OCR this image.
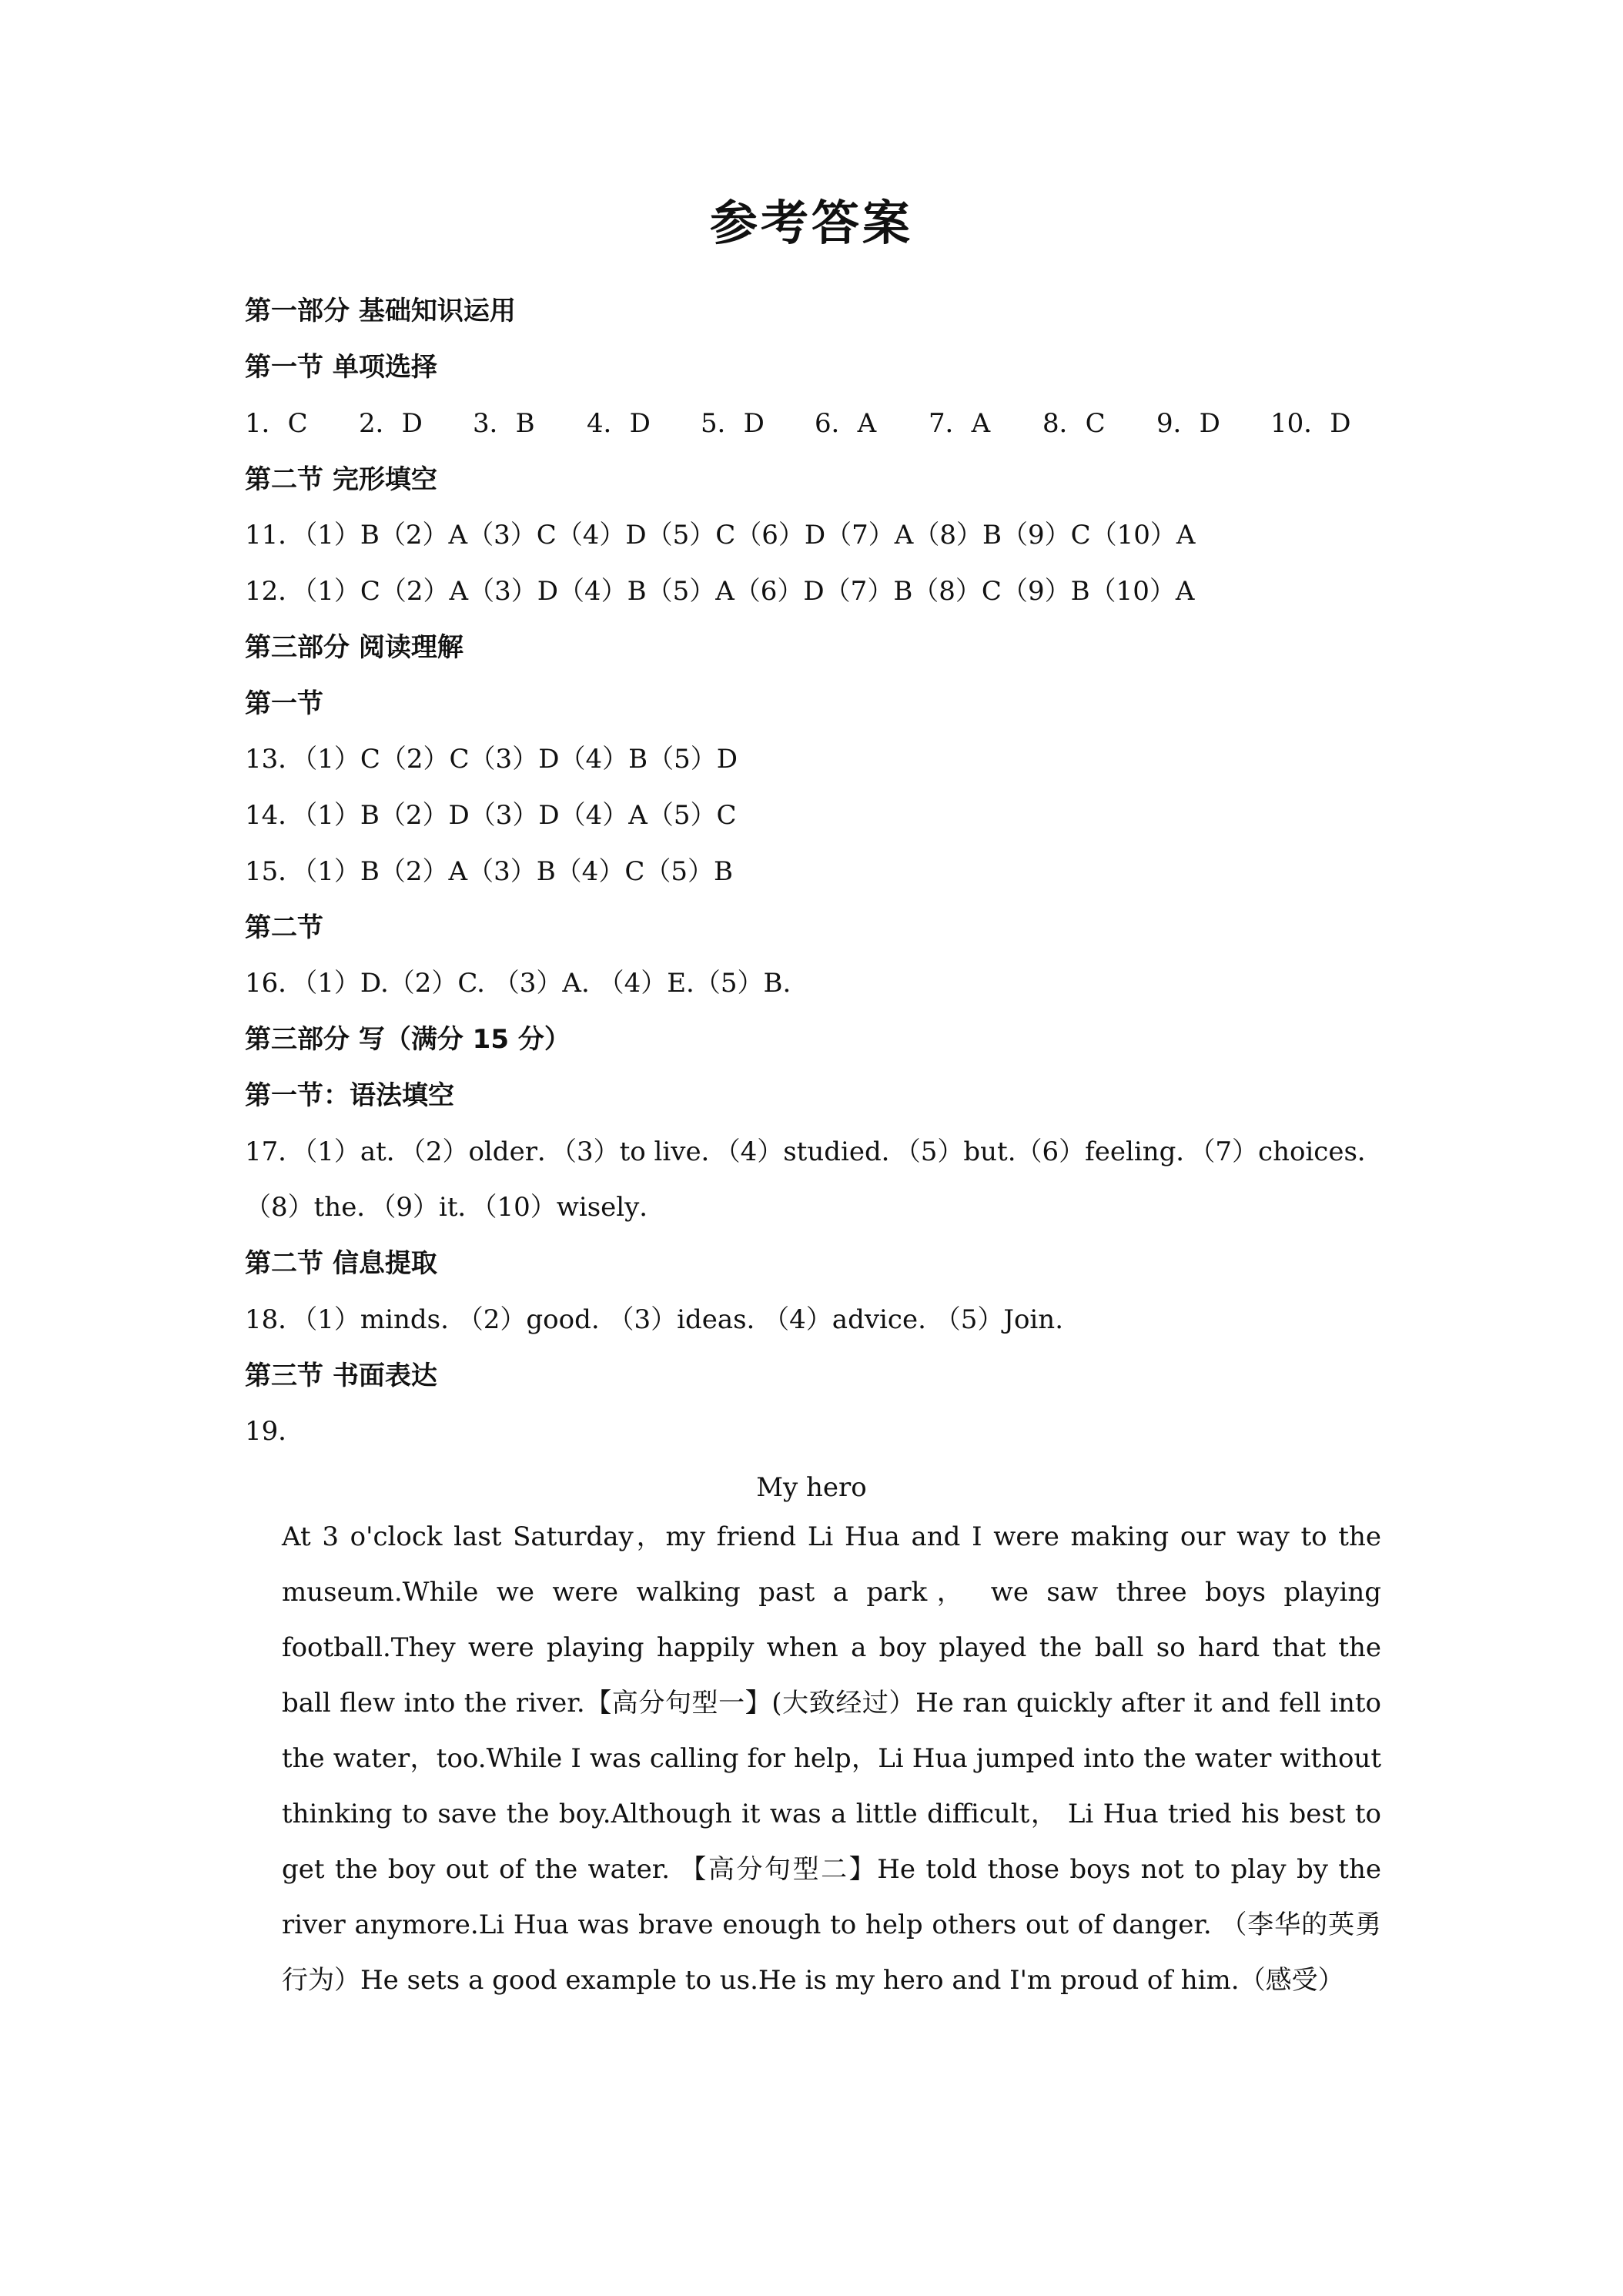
参考答案
第一部分 基础知识运用
第一节 单项选择
1．C 2．D 3．B 4．D 5．D 6．A 7．A 8．C 9．D 10．D
第二节 完形填空
11．（1）B（2）A（3）C（4）D（5）C（6）D（7）A（8）B（9）C（10）A
12．（1）C（2）A（3）D（4）B（5）A（6）D（7）B（8）C（9）B（10）A
第三部分 阅读理解
第一节
13．（1）C（2）C（3）D（4）B（5）D
14．（1）B（2）D（3）D（4）A（5）C
15．（1）B（2）A（3）B（4）C（5）B
第二节
16．（1）D.（2）C. （3）A. （4）E.（5）B.
第三部分 写（满分 15 分）
第一节：语法填空
17．（1）at．（2）older．（3）to live．（4）studied．（5）but.（6）feeling．（7）choices．
（8）the．（9）it．（10）wisely．
第二节 信息提取
18．（1）minds. （2）good. （3）ideas. （4）advice. （5）Join.
第三节 书面表达
19．
My hero

At 3 o'clock last Saturday，my friend Li Hua and I were making our way to the museum.While we were walking past a park， we saw three boys playing football.They were playing happily when a boy played the ball so hard that the ball flew into the river.【高分句型一】(大致经过）He ran quickly after it and fell into the water，too.While I was calling for help，Li Hua jumped into the water without thinking to save the boy.Although it was a little difficult， Li Hua tried his best to get the boy out of the water. 【高分句型二】He told those boys not to play by the river anymore.Li Hua was brave enough to help others out of danger. （李华的英勇行为）He sets a good example to us.He is my hero and I'm proud of him.（感受）
